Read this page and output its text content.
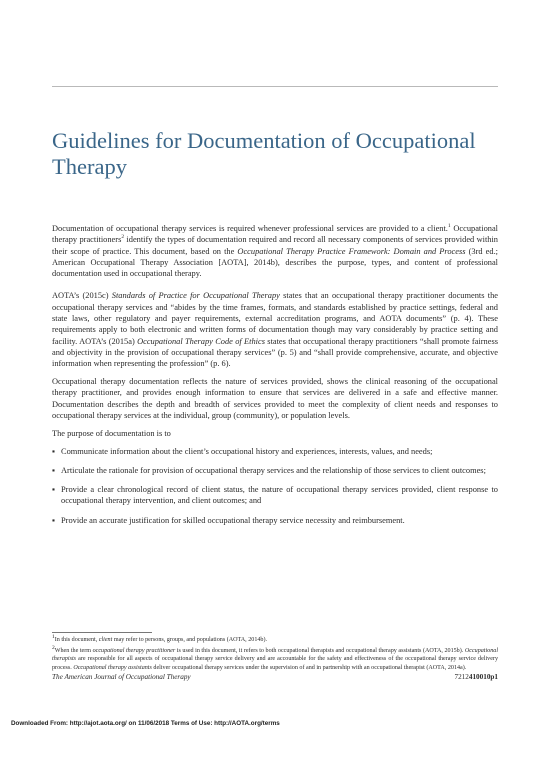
Guidelines for Documentation of Occupational Therapy

Documentation of occupational therapy services is required whenever professional services are provided to a client.$^1$ Occupational therapy practitioners$^2$ identify the types of documentation required and record all necessary components of services provided within their scope of practice. This document, based on the Occupational Therapy Practice Framework: Domain and Process (3rd ed.; American Occupational Therapy Association [AOTA], 2014b), describes the purpose, types, and content of professional documentation used in occupational therapy.

AOTA’s (2015c) Standards of Practice for Occupational Therapy states that an occupational therapy practitioner documents the occupational therapy services and “abides by the time frames, formats, and standards established by practice settings, federal and state laws, other regulatory and payer requirements, external accreditation programs, and AOTA documents” (p. 4). These requirements apply to both electronic and written forms of documentation though may vary considerably by practice setting and facility. AOTA’s (2015a) Occupational Therapy Code of Ethics states that occupational therapy practitioners “shall promote fairness and objectivity in the provision of occupational therapy services” (p. 5) and “shall provide comprehensive, accurate, and objective information when representing the profession” (p. 6).

Occupational therapy documentation reflects the nature of services provided, shows the clinical reasoning of the occupational therapy practitioner, and provides enough information to ensure that services are delivered in a safe and effective manner. Documentation describes the depth and breadth of services provided to meet the complexity of client needs and responses to occupational therapy services at the individual, group (community), or population levels.

The purpose of documentation is to

▪ Communicate information about the client’s occupational history and experiences, interests, values, and needs;
▪ Articulate the rationale for provision of occupational therapy services and the relationship of those services to client outcomes;
▪ Provide a clear chronological record of client status, the nature of occupational therapy services provided, client response to occupational therapy intervention, and client outcomes; and
▪ Provide an accurate justification for skilled occupational therapy service necessity and reimbursement.

$^1$In this document, client may refer to persons, groups, and populations (AOTA, 2014b).

$^2$When the term occupational therapy practitioner is used in this document, it refers to both occupational therapists and occupational therapy assistants (AOTA, 2015b). Occupational therapists are responsible for all aspects of occupational therapy service delivery and are accountable for the safety and effectiveness of the occupational therapy service delivery process. Occupational therapy assistants deliver occupational therapy services under the supervision of and in partnership with an occupational therapist (AOTA, 2014a).

The American Journal of Occupational Therapy	7212410010p1
Downloaded From: http://ajot.aota.org/ on 11/06/2018 Terms of Use: http://AOTA.org/terms
